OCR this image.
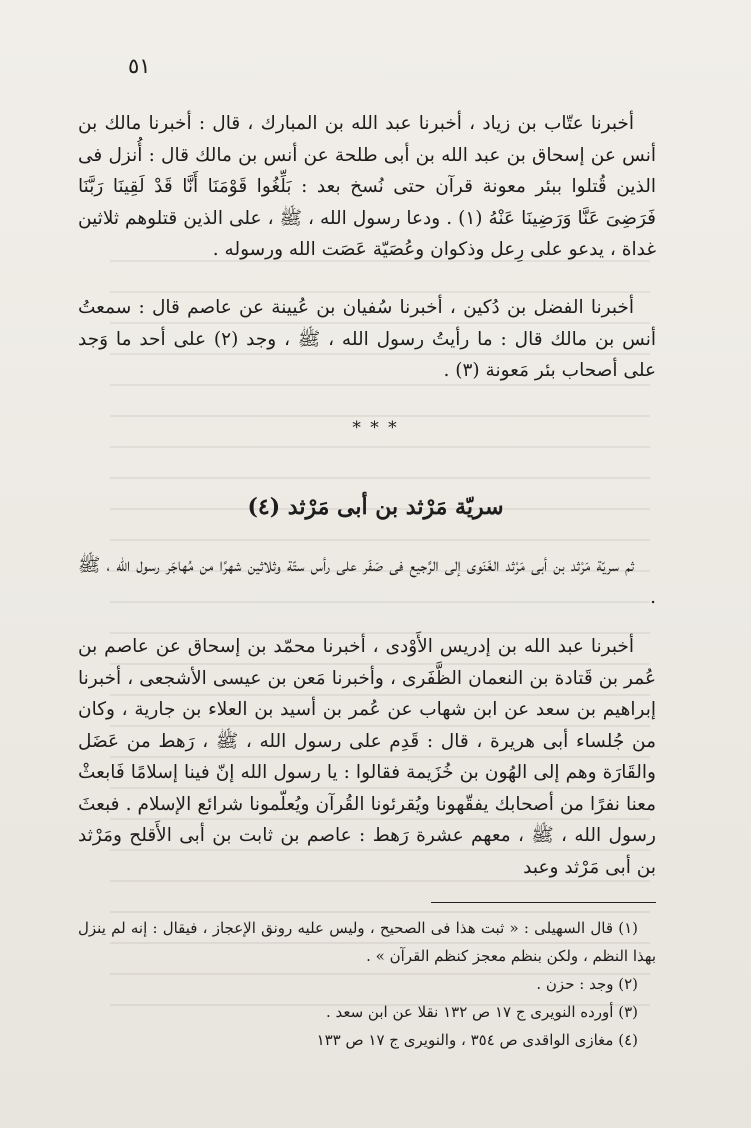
٥١

أخبرنا عتّاب بن زياد ، أخبرنا عبد الله بن المبارك ، قال : أخبرنا مالك بن أنس عن إسحاق بن عبد الله بن أبى طلحة عن أنس بن مالك قال : أُنزل فى الذين قُتلوا ببئر معونة قرآن حتى نُسخ بعد : بَلِّغُوا قَوْمَنَا أَنَّا قَدْ لَقِينَا رَبَّنَا فَرَضِىَ عَنَّا وَرَضِينَا عَنْهُ (١) . ودعا رسول الله ، ﷺ ، على الذين قتلوهم ثلاثين غداة ، يدعو على رِعل وذكوان وعُصَيّة عَصَت الله ورسوله .

أخبرنا الفضل بن دُكين ، أخبرنا سُفيان بن عُيينة عن عاصم قال : سمعتُ أنس بن مالك قال : ما رأيتُ رسول الله ، ﷺ ، وجد (٢) على أحد ما وَجد على أصحاب بئر مَعونة (٣) .

* * *
سريّة مَرْثد بن أبى مَرْثد (٤)

ثم سريّة مَرْثد بن أبى مَرْثد الغَنَوى إلى الرَّجيع فى صَفَر على رأس ستّة وثلاثين شهرًا من مُهاجَر رسول الله ، ﷺ .

أخبرنا عبد الله بن إدريس الأَوْدى ، أخبرنا محمّد بن إسحاق عن عاصم بن عُمر بن قَتادة بن النعمان الظَّفَرى ، وأخبرنا مَعن بن عيسى الأشجعى ، أخبرنا إبراهيم بن سعد عن ابن شهاب عن عُمر بن أسيد بن العلاء بن جارية ، وكان من جُلساء أبى هريرة ، قال : قَدِم على رسول الله ، ﷺ ، رَهط من عَضَل والقَارَة وهم إلى الهُون بن خُزَيمة فقالوا : يا رسول الله إنّ فينا إسلامًا فَابعثْ معنا نفرًا من أصحابك يفقّهونا ويُقرئونا القُرآن ويُعلّمونا شرائع الإسلام . فبعثَ رسول الله ، ﷺ ، معهم عشرة رَهط : عاصم بن ثابت بن أبى الأَقلح ومَرْثد بن أبى مَرْثد وعبد

(١) قال السهيلى : « ثبت هذا فى الصحيح ، وليس عليه رونق الإعجاز ، فيقال : إنه لم ينزل بهذا النظم ، ولكن بنظم معجز كنظم القرآن » .

(٢) وجد : حزن .

(٣) أورده النويرى ج ١٧ ص ١٣٢ نقلا عن ابن سعد .

(٤) مغازى الواقدى ص ٣٥٤ ، والنويرى ج ١٧ ص ١٣٣
